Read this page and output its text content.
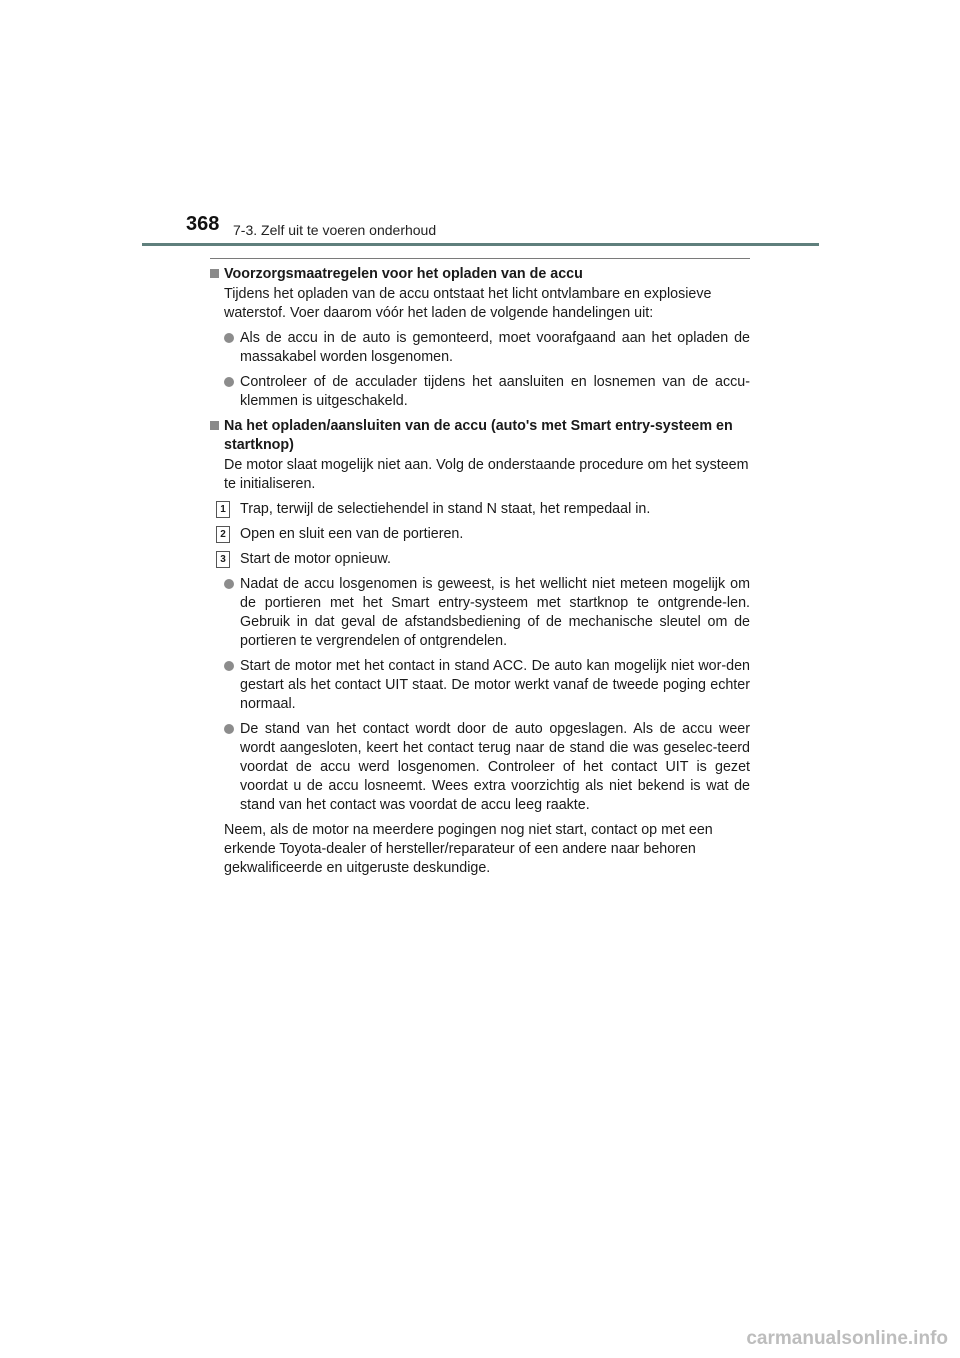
368 7-3. Zelf uit te voeren onderhoud
Voorzorgsmaatregelen voor het opladen van de accu
Tijdens het opladen van de accu ontstaat het licht ontvlambare en explosieve waterstof. Voer daarom vóór het laden de volgende handelingen uit:
Als de accu in de auto is gemonteerd, moet voorafgaand aan het opladen de massakabel worden losgenomen.
Controleer of de acculader tijdens het aansluiten en losnemen van de accu-klemmen is uitgeschakeld.
Na het opladen/aansluiten van de accu (auto's met Smart entry-systeem en startknop)
De motor slaat mogelijk niet aan. Volg de onderstaande procedure om het systeem te initialiseren.
1 Trap, terwijl de selectiehendel in stand N staat, het rempedaal in.
2 Open en sluit een van de portieren.
3 Start de motor opnieuw.
Nadat de accu losgenomen is geweest, is het wellicht niet meteen mogelijk om de portieren met het Smart entry-systeem met startknop te ontgrende-len. Gebruik in dat geval de afstandsbediening of de mechanische sleutel om de portieren te vergrendelen of ontgrendelen.
Start de motor met het contact in stand ACC. De auto kan mogelijk niet wor-den gestart als het contact UIT staat. De motor werkt vanaf de tweede poging echter normaal.
De stand van het contact wordt door de auto opgeslagen. Als de accu weer wordt aangesloten, keert het contact terug naar de stand die was geselec-teerd voordat de accu werd losgenomen. Controleer of het contact UIT is gezet voordat u de accu losneemt. Wees extra voorzichtig als niet bekend is wat de stand van het contact was voordat de accu leeg raakte.
Neem, als de motor na meerdere pogingen nog niet start, contact op met een erkende Toyota-dealer of hersteller/reparateur of een andere naar behoren gekwalificeerde en uitgeruste deskundige.
carmanualsonline.info
